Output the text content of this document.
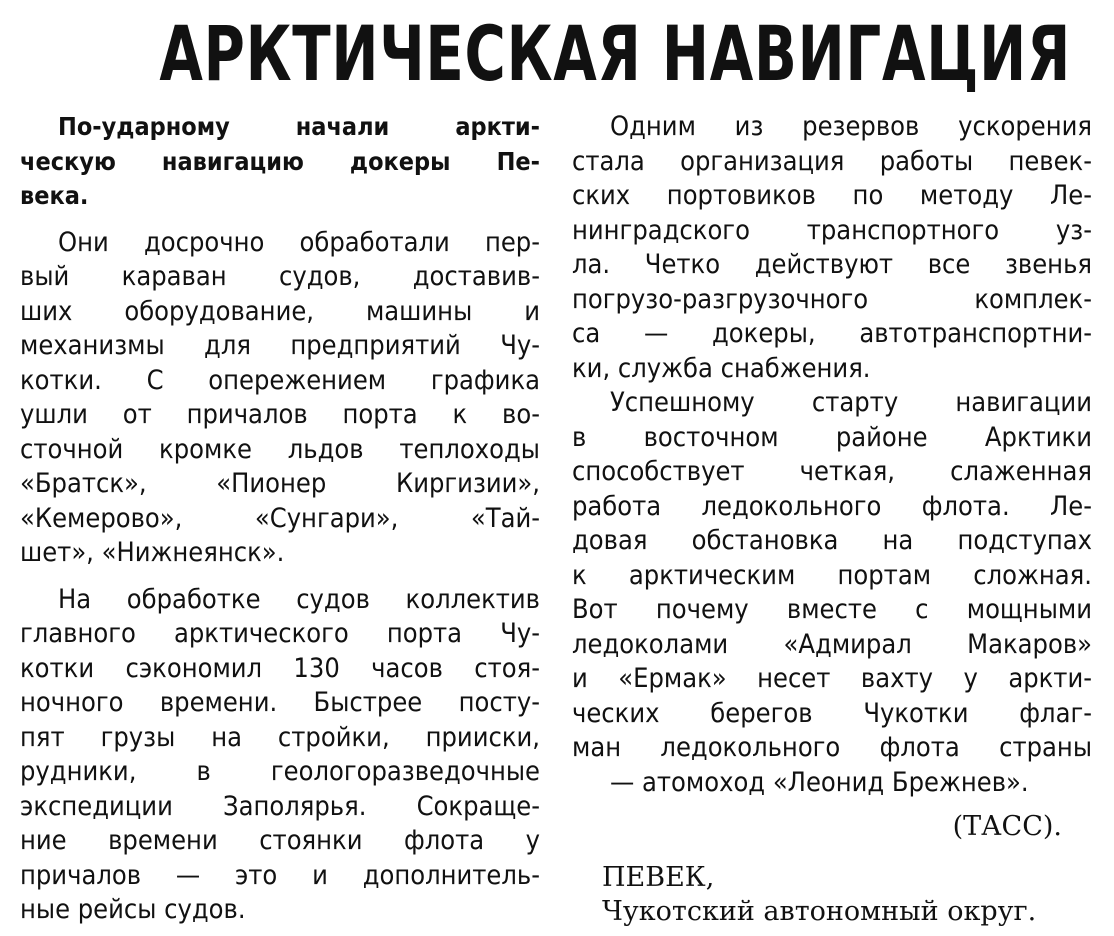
АРКТИЧЕСКАЯ НАВИГАЦИЯ
По-ударному начали аркти-
ческую навигацию докеры Пе-
века.
Они досрочно обработали пер-
вый караван судов, доставив-
ших оборудование, машины и
механизмы для предприятий Чу-
котки. С опережением графика
ушли от причалов порта к во-
сточной кромке льдов теплоходы
«Братск», «Пионер Киргизии»,
«Кемерово», «Сунгари», «Тай-
шет», «Нижнеянск».
На обработке судов коллектив
главного арктического порта Чу-
котки сэкономил 130 часов стоя-
ночного времени. Быстрее посту-
пят грузы на стройки, прииски,
рудники, в геологоразведочные
экспедиции Заполярья. Сокраще-
ние времени стоянки флота у
причалов — это и дополнитель-
ные рейсы судов.
Одним из резервов ускорения
стала организация работы певек-
ских портовиков по методу Ле-
нинградского транспортного уз-
ла. Четко действуют все звенья
погрузо-разгрузочного комплек-
са — докеры, автотранспортни-
ки, служба снабжения.
Успешному старту навигации
в восточном районе Арктики
способствует четкая, слаженная
работа ледокольного флота. Ле-
довая обстановка на подступах
к арктическим портам сложная.
Вот почему вместе с мощными
ледоколами «Адмирал Макаров»
и «Ермак» несет вахту у аркти-
ческих берегов Чукотки флаг-
ман ледокольного флота страны
— атомоход «Леонид Брежнев».
(ТАСС).
ПЕВЕК,
Чукотский автономный округ.
